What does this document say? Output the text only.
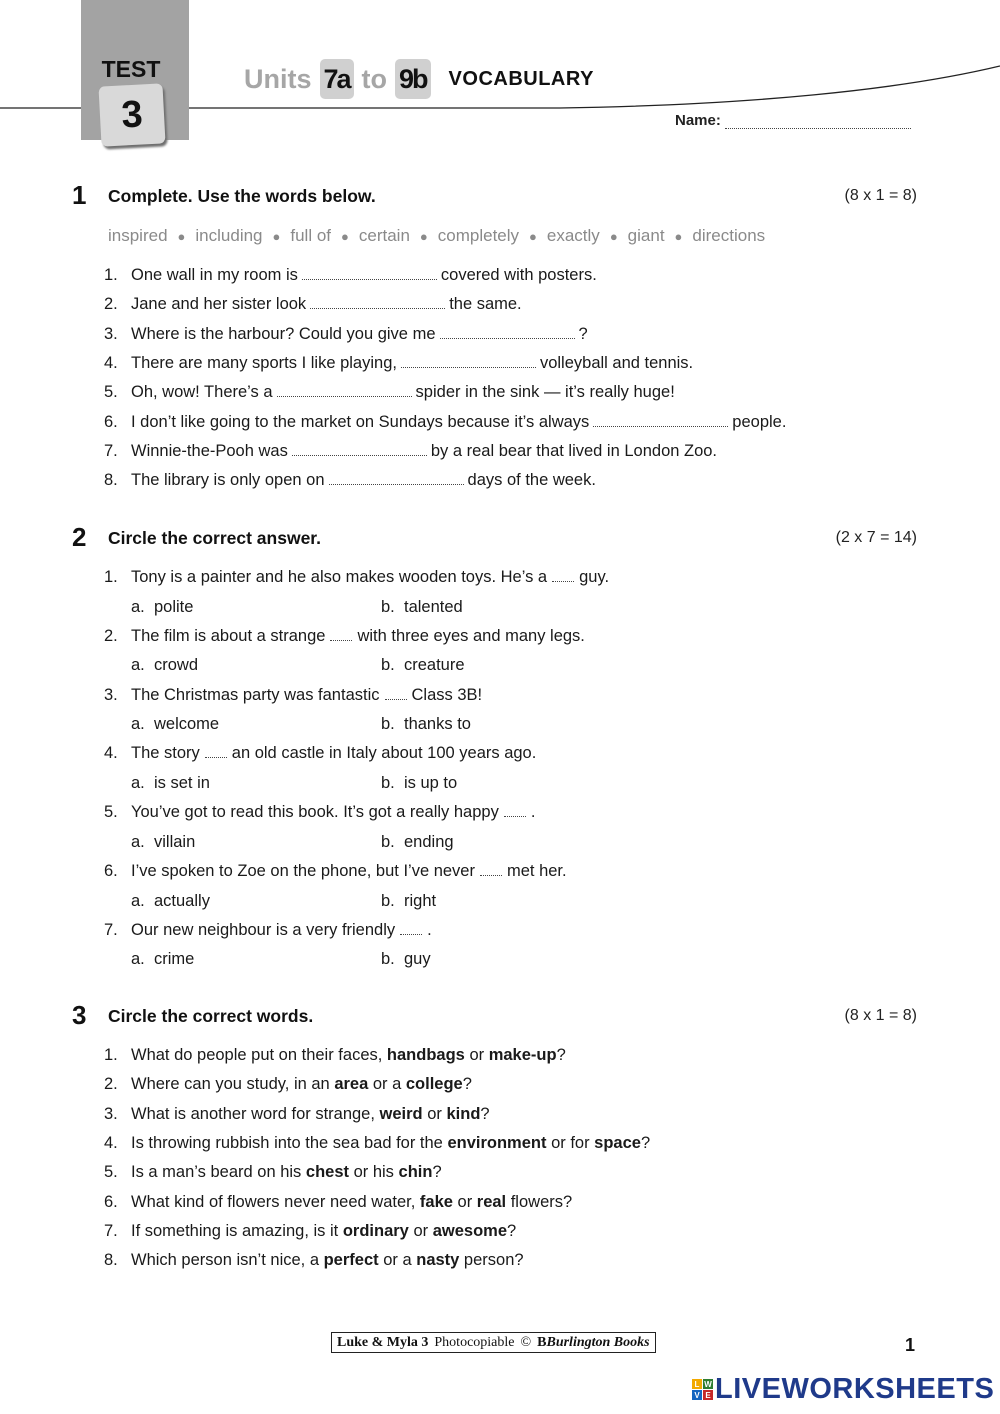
TEST
3
Units 7a to 9b VOCABULARY
Name:
1 Complete. Use the words below.	(8 x 1 = 8)
inspired ● including ● full of ● certain ● completely ● exactly ● giant ● directions
1. One wall in my room is	covered with posters.
2. Jane and her sister look	the same.
3. Where is the harbour? Could you give me	?
4. There are many sports I like playing,	volleyball and tennis.
5. Oh, wow! There’s a	spider in the sink — it’s really huge!
6. I don’t like going to the market on Sundays because it’s always	people.
7. Winnie-the-Pooh was	by a real bear that lived in London Zoo.
8. The library is only open on	days of the week.
2 Circle the correct answer.	(2 x 7 = 14)
1. Tony is a painter and he also makes wooden toys. He’s a guy.
a. polite	b. talented
2. The film is about a strange with three eyes and many legs.
a. crowd	b. creature
3. The Christmas party was fantastic Class 3B!
a. welcome	b. thanks to
4. The story an old castle in Italy about 100 years ago.
a. is set in	b. is up to
5. You’ve got to read this book. It’s got a really happy .
a. villain	b. ending
6. I’ve spoken to Zoe on the phone, but I’ve never met her.
a. actually	b. right
7. Our new neighbour is a very friendly .
a. crime	b. guy
3 Circle the correct words.	(8 x 1 = 8)
1. What do people put on their faces, handbags or make-up?
2. Where can you study, in an area or a college?
3. What is another word for strange, weird or kind?
4. Is throwing rubbish into the sea bad for the environment or for space?
5. Is a man’s beard on his chest or his chin?
6. What kind of flowers never need water, fake or real flowers?
7. If something is amazing, is it ordinary or awesome?
8. Which person isn’t nice, a perfect or a nasty person?
Luke & Myla 3 Photocopiable © B Burlington Books	1
L W
V E LIVEWORKSHEETS
